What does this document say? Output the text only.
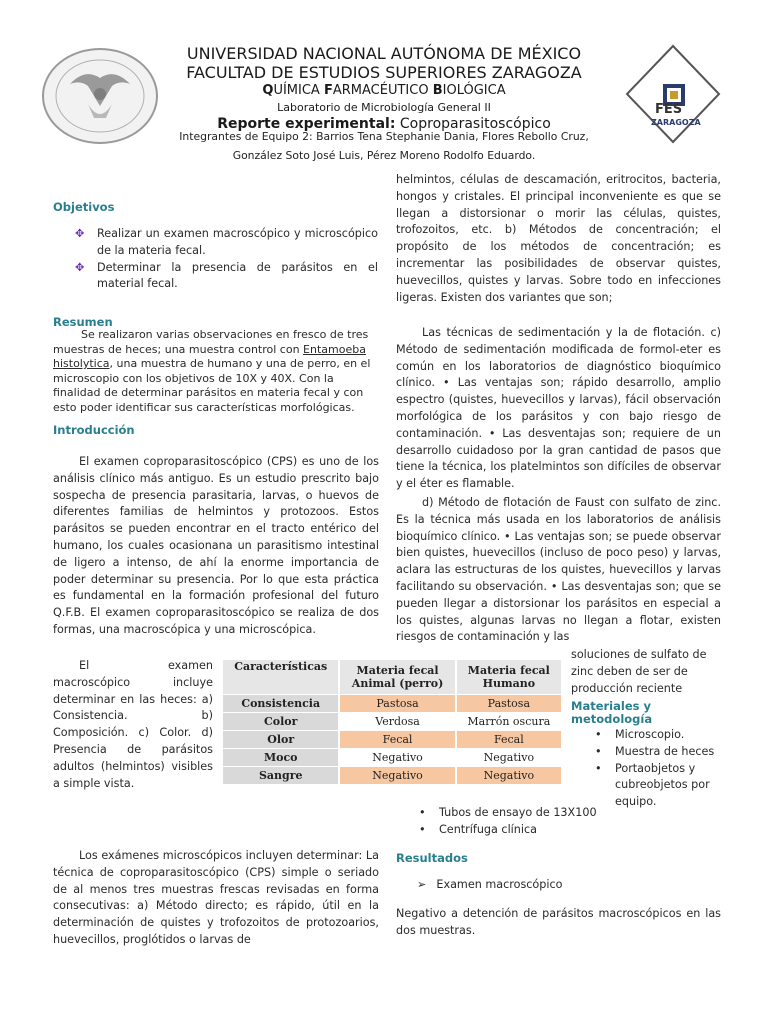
FES
ZARAGOZA
UNIVERSIDAD NACIONAL AUTÓNOMA DE MÉXICO
FACULTAD DE ESTUDIOS SUPERIORES ZARAGOZA
QUÍMICA FARMACÉUTICO BIOLÓGICA
Laboratorio de Microbiología General II
Reporte experimental: Coproparasitoscópico
Integrantes de Equipo 2: Barrios Tena Stephanie Dania, Flores Rebollo Cruz,
González Soto José Luis, Pérez Moreno Rodolfo Eduardo.
Objetivos
✥ Realizar un examen macroscópico y microscópico de la materia fecal.
✥ Determinar la presencia de parásitos en el material fecal.
Resumen
Se realizaron varias observaciones en fresco de tres muestras de heces; una muestra control con Entamoeba histolytica, una muestra de humano y una de perro, en el microscopio con los objetivos de 10X y 40X. Con la finalidad de determinar parásitos en materia fecal y con esto poder identificar sus características morfológicas.
Introducción
El examen coproparasitoscópico (CPS) es uno de los análisis clínico más antiguo. Es un estudio prescrito bajo sospecha de presencia parasitaria, larvas, o huevos de diferentes familias de helmintos y protozoos. Estos parásitos se pueden encontrar en el tracto entérico del humano, los cuales ocasionana un parasitismo intestinal de ligero a intenso, de ahí la enorme importancia de poder determinar su presencia. Por lo que esta práctica es fundamental en la formación profesional del futuro Q.F.B. El examen coproparasitoscópico se realiza de dos formas, una macroscópica y una microscópica.
El examen macroscópico incluye determinar en las heces: a) Consistencia. b) Composición. c) Color. d) Presencia de parásitos adultos (helmintos) visibles a simple vista.
Los exámenes microscópicos incluyen determinar: La técnica de coproparasitoscópico (CPS) simple o seriado de al menos tres muestras frescas revisadas en forma consecutivas: a) Método directo; es rápido, útil en la determinación de quistes y trofozoitos de protozoarios, huevecillos, proglótidos o larvas de
Características	Materia fecal Animal (perro)	Materia fecal Humano
Consistencia	Pastosa	Pastosa
Color	Verdosa	Marrón oscura
Olor	Fecal	Fecal
Moco	Negativo	Negativo
Sangre	Negativo	Negativo
helmintos, células de descamación, eritrocitos, bacteria, hongos y cristales. El principal inconveniente es que se llegan a distorsionar o morir las células, quistes, trofozoitos, etc. b) Métodos de concentración; el propósito de los métodos de concentración; es incrementar las posibilidades de observar quistes, huevecillos, quistes y larvas. Sobre todo en infecciones ligeras. Existen dos variantes que son;
Las técnicas de sedimentación y la de flotación. c) Método de sedimentación modificada de formol-eter es común en los laboratorios de diagnóstico bioquímico clínico. • Las ventajas son; rápido desarrollo, amplio espectro (quistes, huevecillos y larvas), fácil observación morfológica de los parásitos y con bajo riesgo de contaminación. • Las desventajas son; requiere de un desarrollo cuidadoso por la gran cantidad de pasos que tiene la técnica, los platelmintos son difíciles de observar y el éter es flamable.
d) Método de flotación de Faust con sulfato de zinc. Es la técnica más usada en los laboratorios de análisis bioquímico clínico. • Las ventajas son; se puede observar bien quistes, huevecillos (incluso de poco peso) y larvas, aclara las estructuras de los quistes, huevecillos y larvas facilitando su observación. • Las desventajas son; que se pueden llegar a distorsionar los parásitos en especial a los quistes, algunas larvas no llegan a flotar, existen riesgos de contaminación y las
soluciones de sulfato de zinc deben de ser de producción reciente
Materiales y metodología
• Microscopio.
• Muestra de heces
• Portaobjetos y cubreobjetos por equipo.
• Tubos de ensayo de 13X100
• Centrífuga clínica
Resultados
➢ Examen macroscópico
Negativo a detención de parásitos macroscópicos en las dos muestras.
